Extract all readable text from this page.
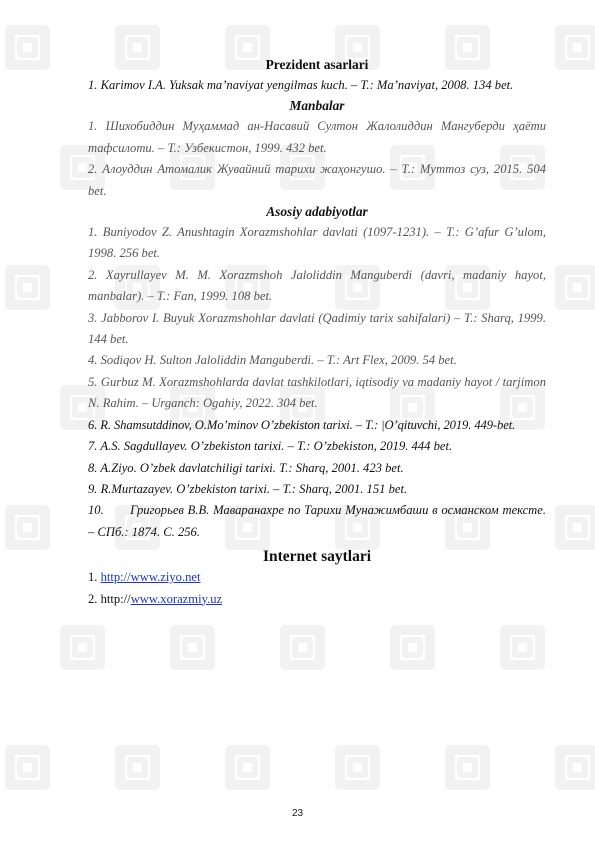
Prezident asarlari

1. Karimov I.A. Yuksak ma’naviyat yengilmas kuch. – T.: Ma’naviyat, 2008. 134 bet.

Manbalar

1. Шихобиддин Муҳаммад ан-Насавий Султон Жалолиддин Мангуберди ҳаёти тафсилоти. – Т.: Узбекистон, 1999. 432 bet.

2. Алоуддин Атомалик Жувайний тарихи жаҳонгушо. – Т.: Муmтоз суз, 2015. 504 bet.

Asosiy adabiyotlar

1. Buniyodov Z. Anushtagin Xorazmshohlar davlati (1097-1231). – T.: G’afur G’ulom, 1998. 256 bet.

2. Xayrullayev M. M. Xorazmshoh Jaloliddin Manguberdi (davri, madaniy hayot, manbalar). – T.: Fan, 1999. 108 bet.

3. Jabborov I. Buyuk Xorazmshohlar davlati (Qadimiy tarix sahifalari) – T.: Sharq, 1999. 144 bet.

4. Sodiqov H. Sulton Jaloliddin Manguberdi. – T.: Art Flex, 2009. 54 bet.

5. Gurbuz M. Xorazmshohlarda davlat tashkilotlari, iqtisodiy va madaniy hayot / tarjimon N. Rahim. – Urganch: Ogahiy, 2022. 304 bet.

6. R. Shamsutddinov, O.Mo’minov O’zbekiston tarixi. – T.: |O’qituvchi, 2019. 449-bet.

7. A.S. Sagdullayev. O’zbekiston tarixi. – T.: O’zbekiston, 2019. 444 bet.

8. A.Ziyo. O’zbek davlatchiligi tarixi. T.: Sharq, 2001. 423 bet.

9. R.Murtazayev. O’zbekiston tarixi. – T.: Sharq, 2001. 151 bet.

10.       Григорьев В.В. Маваранахре по Тарихи Мунажимбаши в османском тексте. – СПб.: 1874. С. 256.

Internet saytlari

1. http://www.ziyo.net

2. http://www.xorazmiy.uz

23
